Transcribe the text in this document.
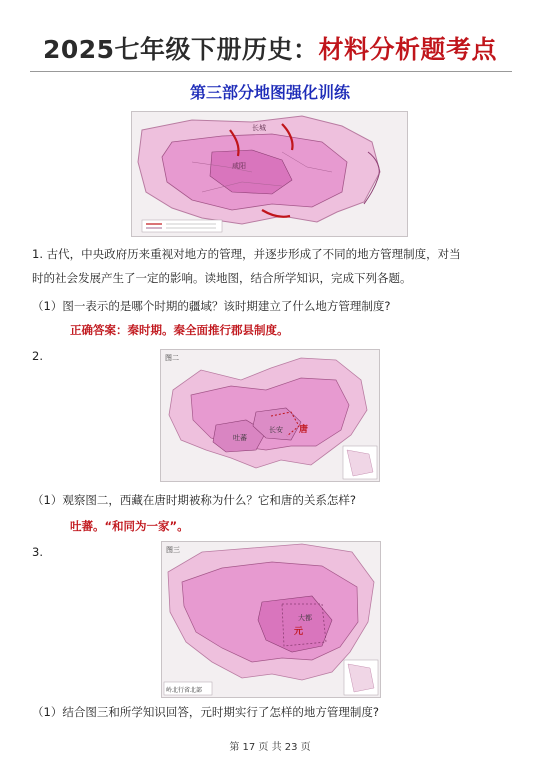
2025七年级下册历史：材料分析题考点
第三部分地图强化训练
咸阳
长城
1. 古代，中央政府历来重视对地方的管理，并逐步形成了不同的地方管理制度，对当
时的社会发展产生了一定的影响。读地图，结合所学知识，完成下列各题。
（1）图一表示的是哪个时期的疆域？该时期建立了什么地方管理制度?
正确答案：秦时期。秦全面推行郡县制度。
2.	图二
长安 唐
吐蕃
（1）观察图二，西藏在唐时期被称为什么？它和唐的关系怎样?
吐蕃。“和同为一家”。
3.	图三
大都
元
岭北行省北部
（1）结合图三和所学知识回答，元时期实行了怎样的地方管理制度?
第 17 页 共 23 页
